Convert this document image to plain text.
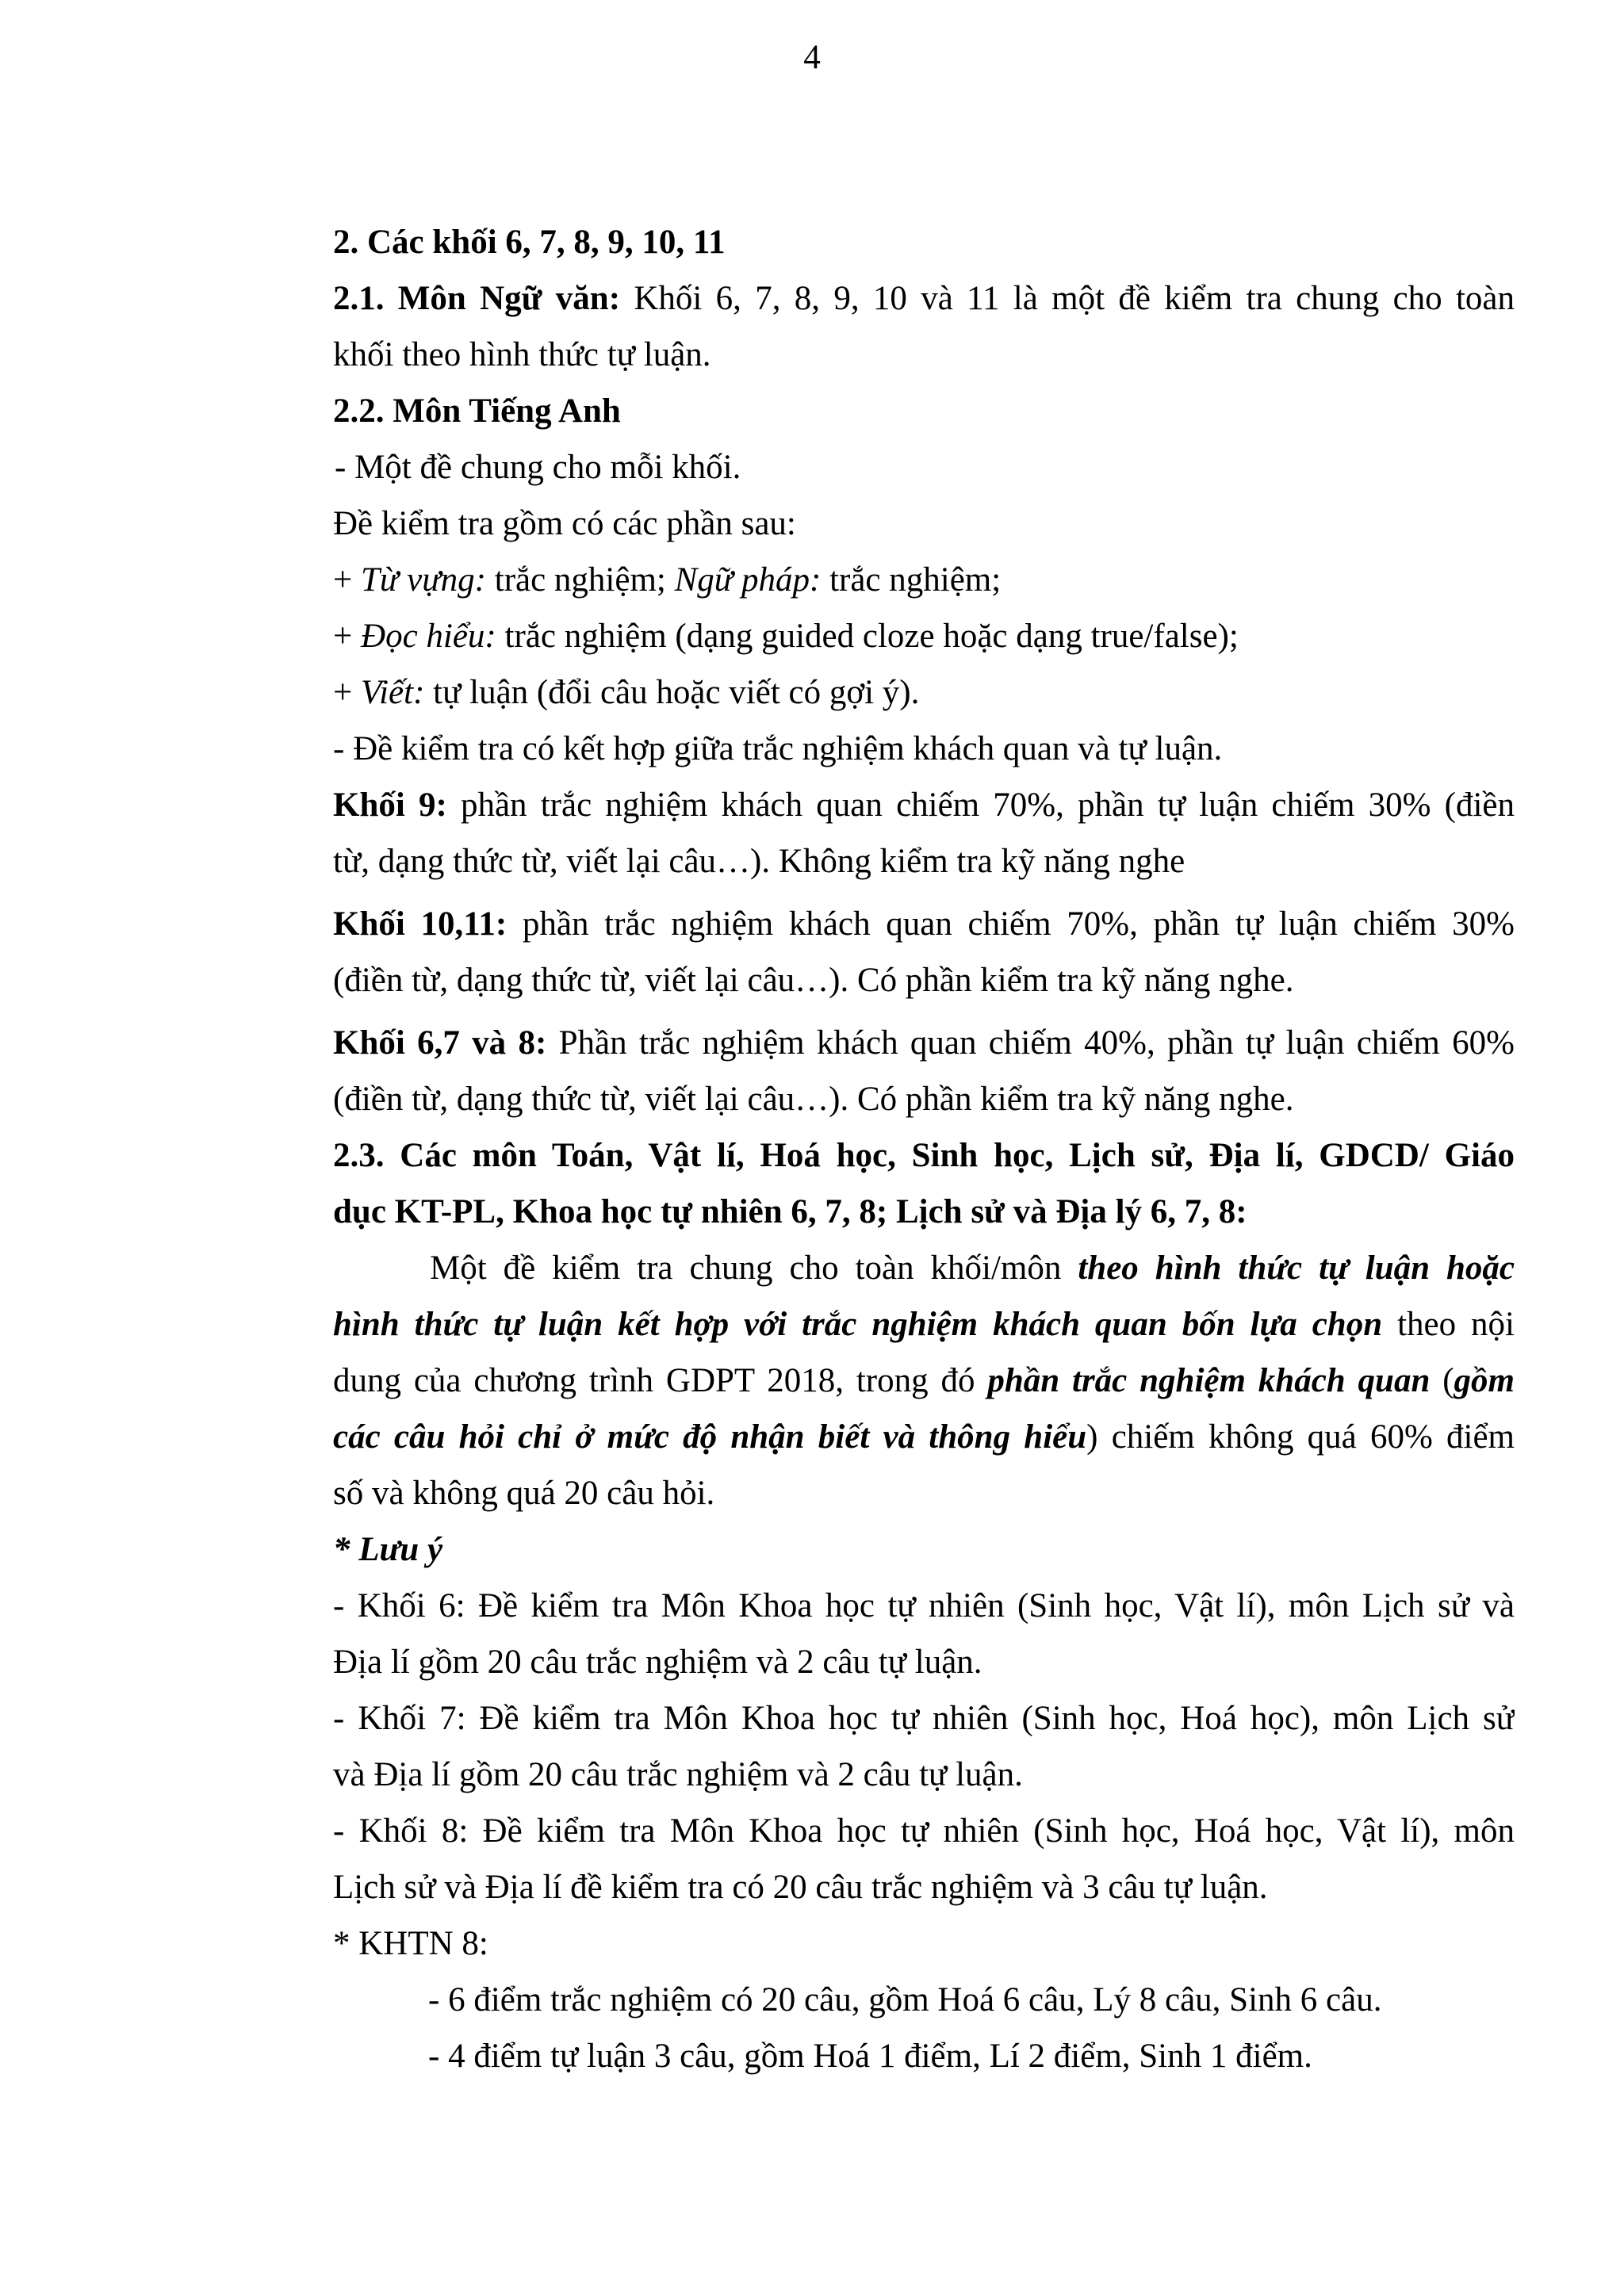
4
2. Các khối 6, 7, 8, 9, 10, 11
2.1. Môn Ngữ văn: Khối 6, 7, 8, 9, 10 và 11 là một đề kiểm tra chung cho toàn
khối theo hình thức tự luận.
2.2. Môn Tiếng Anh
- Một đề chung cho mỗi khối.
Đề kiểm tra gồm có các phần sau:
+ Từ vựng: trắc nghiệm; Ngữ pháp: trắc nghiệm;
+ Đọc hiểu: trắc nghiệm (dạng guided cloze hoặc dạng true/false);
+ Viết: tự luận (đổi câu hoặc viết có gợi ý).
- Đề kiểm tra có kết hợp giữa trắc nghiệm khách quan và tự luận.
Khối 9: phần trắc nghiệm khách quan chiếm 70%, phần tự luận chiếm 30% (điền
từ, dạng thức từ, viết lại câu…). Không kiểm tra kỹ năng nghe
Khối 10,11: phần trắc nghiệm khách quan chiếm 70%, phần tự luận chiếm 30%
(điền từ, dạng thức từ, viết lại câu…). Có phần kiểm tra kỹ năng nghe.
Khối 6,7 và 8: Phần trắc nghiệm khách quan chiếm 40%, phần tự luận chiếm 60%
(điền từ, dạng thức từ, viết lại câu…). Có phần kiểm tra kỹ năng nghe.
2.3. Các môn Toán, Vật lí, Hoá học, Sinh học, Lịch sử, Địa lí, GDCD/ Giáo
dục KT-PL, Khoa học tự nhiên 6, 7, 8; Lịch sử và Địa lý 6, 7, 8:
Một đề kiểm tra chung cho toàn khối/môn theo hình thức tự luận hoặc
hình thức tự luận kết hợp với trắc nghiệm khách quan bốn lựa chọn theo nội
dung của chương trình GDPT 2018, trong đó phần trắc nghiệm khách quan (gồm
các câu hỏi chỉ ở mức độ nhận biết và thông hiểu) chiếm không quá 60% điểm
số và không quá 20 câu hỏi.
* Lưu ý
- Khối 6: Đề kiểm tra Môn Khoa học tự nhiên (Sinh học, Vật lí), môn Lịch sử và
Địa lí gồm 20 câu trắc nghiệm và 2 câu tự luận.
- Khối 7: Đề kiểm tra Môn Khoa học tự nhiên (Sinh học, Hoá học), môn Lịch sử
và Địa lí gồm 20 câu trắc nghiệm và 2 câu tự luận.
- Khối 8: Đề kiểm tra Môn Khoa học tự nhiên (Sinh học, Hoá học, Vật lí), môn
Lịch sử và Địa lí đề kiểm tra có 20 câu trắc nghiệm và 3 câu tự luận.
* KHTN 8:
- 6 điểm trắc nghiệm có 20 câu, gồm Hoá 6 câu, Lý 8 câu, Sinh 6 câu.
- 4 điểm tự luận 3 câu, gồm Hoá 1 điểm, Lí 2 điểm, Sinh 1 điểm.
